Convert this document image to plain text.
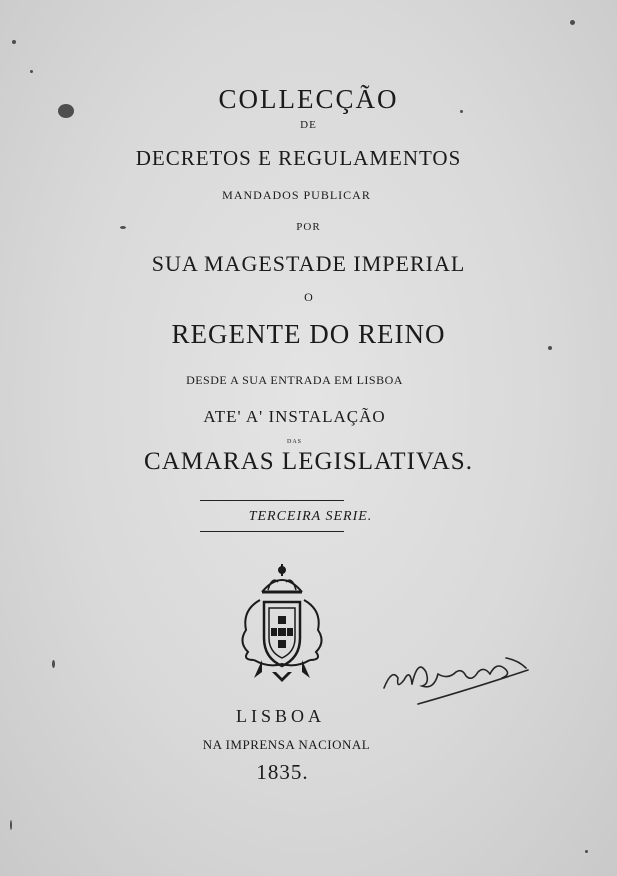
COLLECÇÃO
DE
DECRETOS E REGULAMENTOS
MANDADOS PUBLICAR
POR
SUA MAGESTADE IMPERIAL
O
REGENTE DO REINO
DESDE A SUA ENTRADA EM LISBOA
ATE' A' INSTALAÇÃO
DAS
CAMARAS LEGISLATIVAS.
TERCEIRA SERIE.
LISBOA
NA IMPRENSA NACIONAL
1835.
